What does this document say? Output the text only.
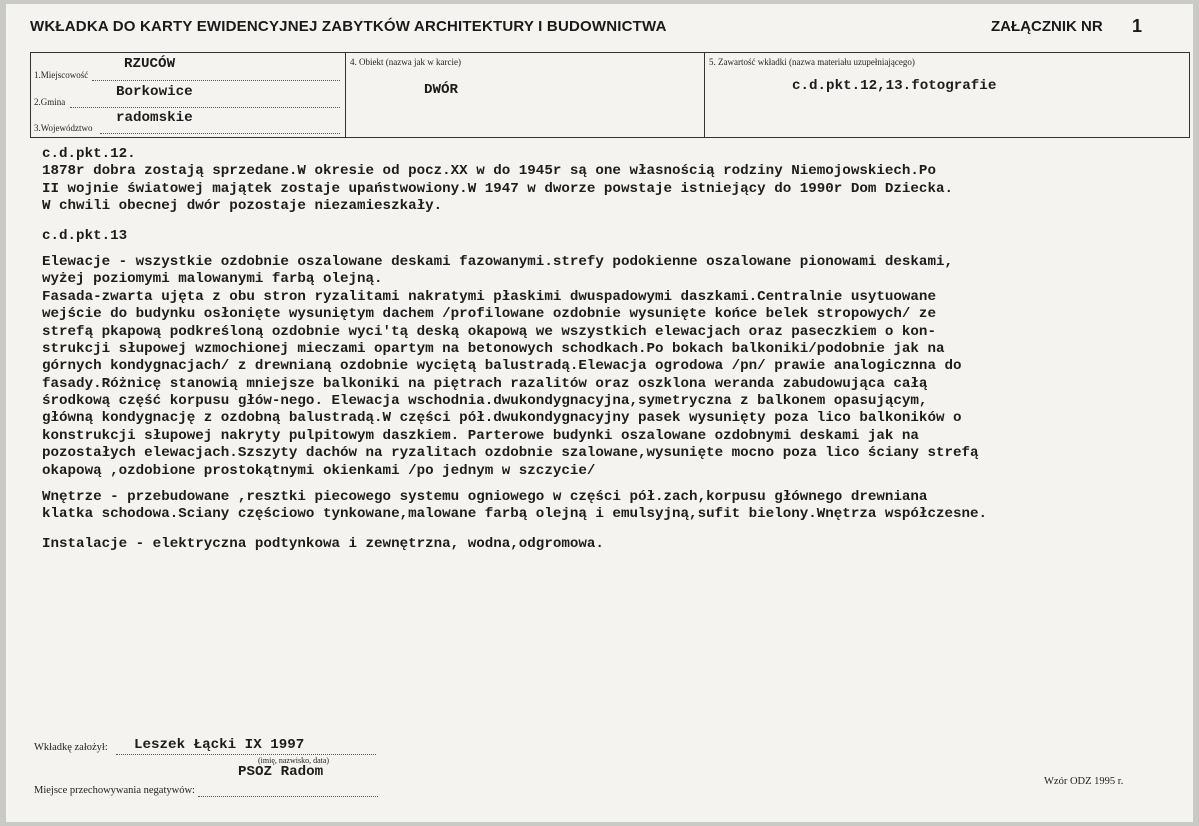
WKŁADKA DO KARTY EWIDENCYJNEJ ZABYTKÓW ARCHITEKTURY I BUDOWNICTWA	ZAŁĄCZNIK NR 1
1.Miejscowość
RZUCÓW
2.Gmina
Borkowice
3.Województwo
radomskie
4. Obiekt (nazwa jak w karcie)
DWÓR
5. Zawartość wkładki (nazwa materiału uzupełniającego)
c.d.pkt.12,13.fotografie
c.d.pkt.12.
1878r dobra zostają sprzedane.W okresie od pocz.XX w do 1945r są one własnością rodziny Niemojowskiech.Po
II wojnie światowej majątek zostaje upaństwowiony.W 1947 w dworze powstaje istniejący do 1990r Dom Dziecka.
W chwili obecnej dwór pozostaje niezamieszkały.
c.d.pkt.13
Elewacje - wszystkie ozdobnie oszalowane deskami fazowanymi.strefy podokienne oszalowane pionowami deskami,
wyżej poziomymi malowanymi farbą olejną.
Fasada-zwarta ujęta z obu stron ryzalitami nakratymi płaskimi dwuspadowymi daszkami.Centralnie usytuowane
wejście do budynku osłonięte wysuniętym dachem /profilowane ozdobnie wysunięte końce belek stropowych/ ze
strefą pkapową podkreśloną ozdobnie wyci'tą deską okapową we wszystkich elewacjach oraz paseczkiem o kon-
strukcji słupowej wzmochionej mieczami opartym na betonowych schodkach.Po bokach balkoniki/podobnie jak na
górnych kondygnacjach/ z drewnianą ozdobnie wyciętą balustradą.Elewacja ogrodowa /pn/ prawie analogicznna do
fasady.Różnicę stanowią mniejsze balkoniki na piętrach razalitów oraz oszklona weranda zabudowująca całą
środkową część korpusu głów-nego. Elewacja wschodnia.dwukondygnacyjna,symetryczna z balkonem opasującym,
główną kondygnację z ozdobną balustradą.W części pół.dwukondygnacyjny pasek wysunięty poza lico balkoników o
konstrukcji słupowej nakryty pulpitowym daszkiem. Parterowe budynki oszalowane ozdobnymi deskami jak na
pozostałych elewacjach.Szszyty dachów na ryzalitach ozdobnie szalowane,wysunięte mocno poza lico ściany strefą
okapową ,ozdobione prostokątnymi okienkami /po jednym w szczycie/
Wnętrze - przebudowane ,resztki piecowego systemu ogniowego w części pół.zach,korpusu głównego drewniana
klatka schodowa.Sciany częściowo tynkowane,malowane farbą olejną i emulsyjną,sufit bielony.Wnętrza współczesne.
Instalacje - elektryczna podtynkowa i zewnętrzna, wodna,odgromowa.
Wkładkę założył: Leszek Łącki IX 1997
(imię, nazwisko, data)
PSOZ Radom
Miejsce przechowywania negatywów:
Wzór ODZ 1995 r.
